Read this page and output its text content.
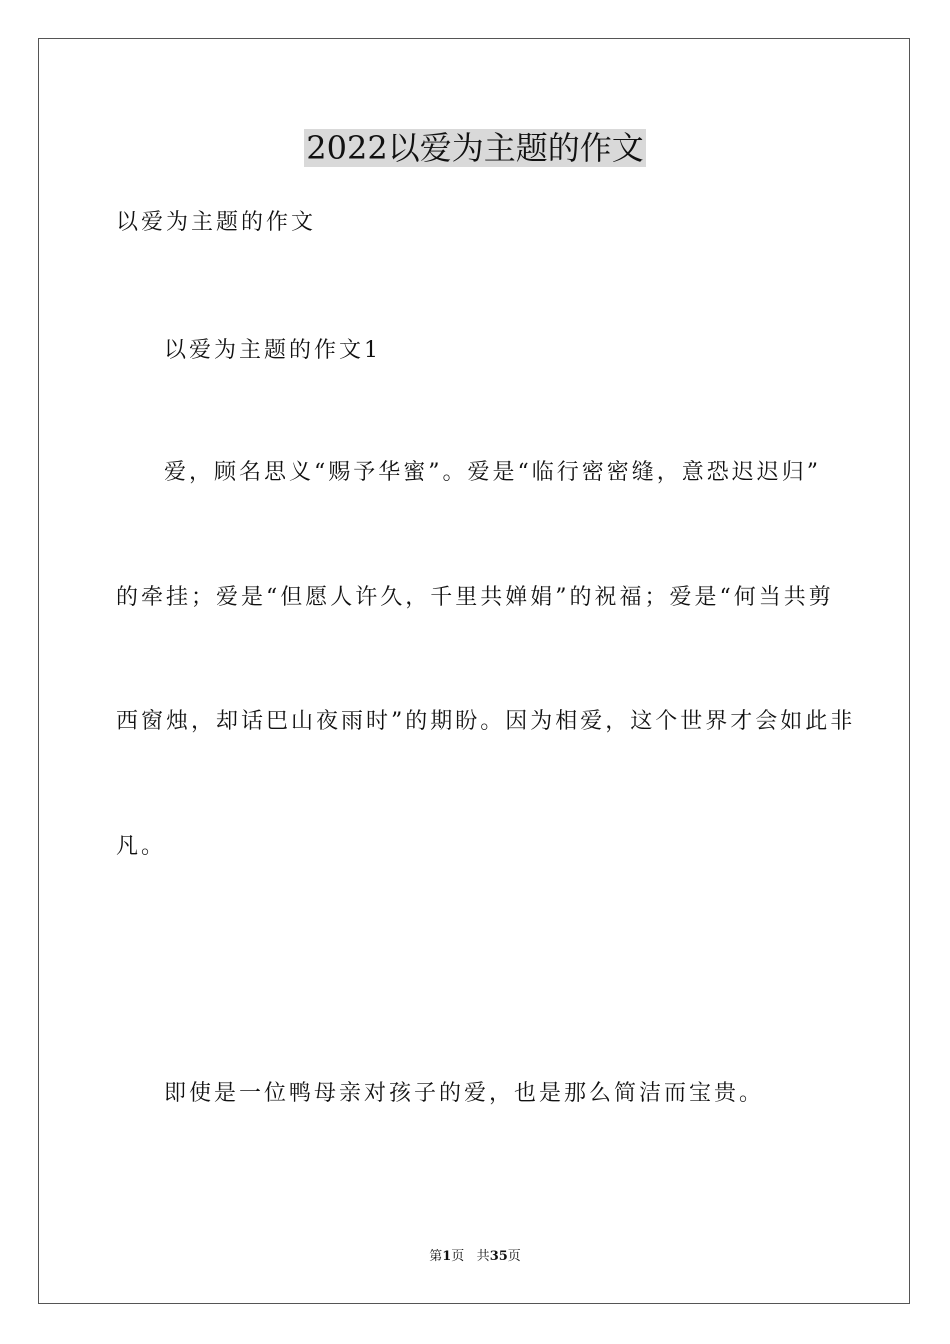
2022以爱为主题的作文
以爱为主题的作文
以爱为主题的作文1
爱，顾名思义“赐予华蜜”。爱是“临行密密缝，意恐迟迟归”
的牵挂；爱是“但愿人许久，千里共婵娟”的祝福；爱是“何当共剪
西窗烛，却话巴山夜雨时”的期盼。因为相爱，这个世界才会如此非
凡。
即使是一位鸭母亲对孩子的爱，也是那么简洁而宝贵。
第1页 共35页
